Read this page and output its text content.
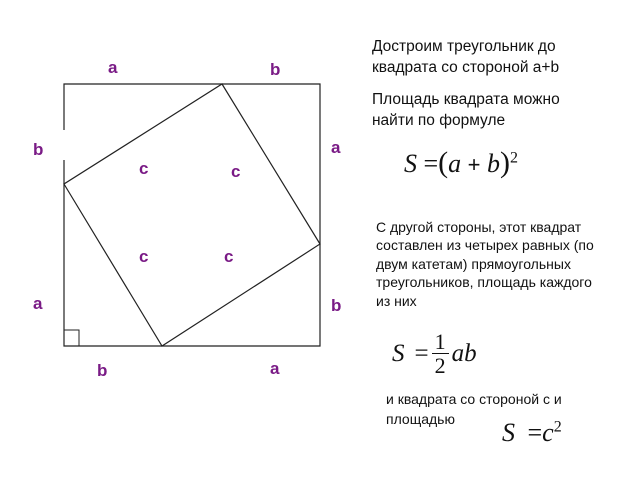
a	b
a
b
b	a
b
a
c	c
c	c
Достроим треугольник до
квадрата со стороной a+b
Площадь квадрата можно
найти по формуле
$S =(a + b)^2$
С другой стороны, этот квадрат
составлен из четырех равных (по
двум катетам) прямоугольных
треугольников, площадь каждого
из них
$S = \frac{1}{2}$ ab
и квадрата со стороной с и
площадью $S =c^2$
